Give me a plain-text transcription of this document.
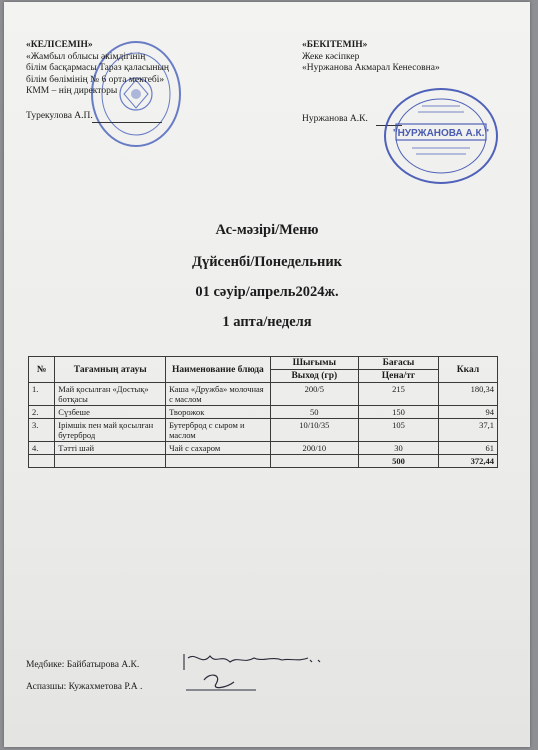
«КЕЛІСЕМІН»
«Жамбыл облысы әкімдігінің
білім басқармасы Тараз қаласының
білім бөлімінің № 6 орта мектебі»
КММ – нің директоры
Турекулова А.П.
«БЕКІТЕМІН»
Жеке кәсіпкер
«Нуржанова Акмарал Кенесовна»
Нуржанова А.К.
"НУРЖАНОВА А.К."
Ас-мәзірі/Меню
Дүйсенбі/Понедельник
01 сәуір/апрель2024ж.
1 апта/неделя
№	Тағамның атауы	Наименование блюда	Шығымы	Бағасы	Ккал
			Выход (гр)	Цена/тг	
1.	Май қосылған «Достық» ботқасы	Каша «Дружба» молочная с маслом	200/5	215	180,34
2.	Сүзбеше	Творожок	50	150	94
3.	Ірімшік пен май қосылған бутерброд	Бутерброд с сыром и маслом	10/10/35	105	37,1
4.	Тәтті шәй	Чай с сахаром	200/10	30	61
				500	372,44
Медбике: Байбатырова А.К.
Аспазшы: Кужахметова Р.А .
